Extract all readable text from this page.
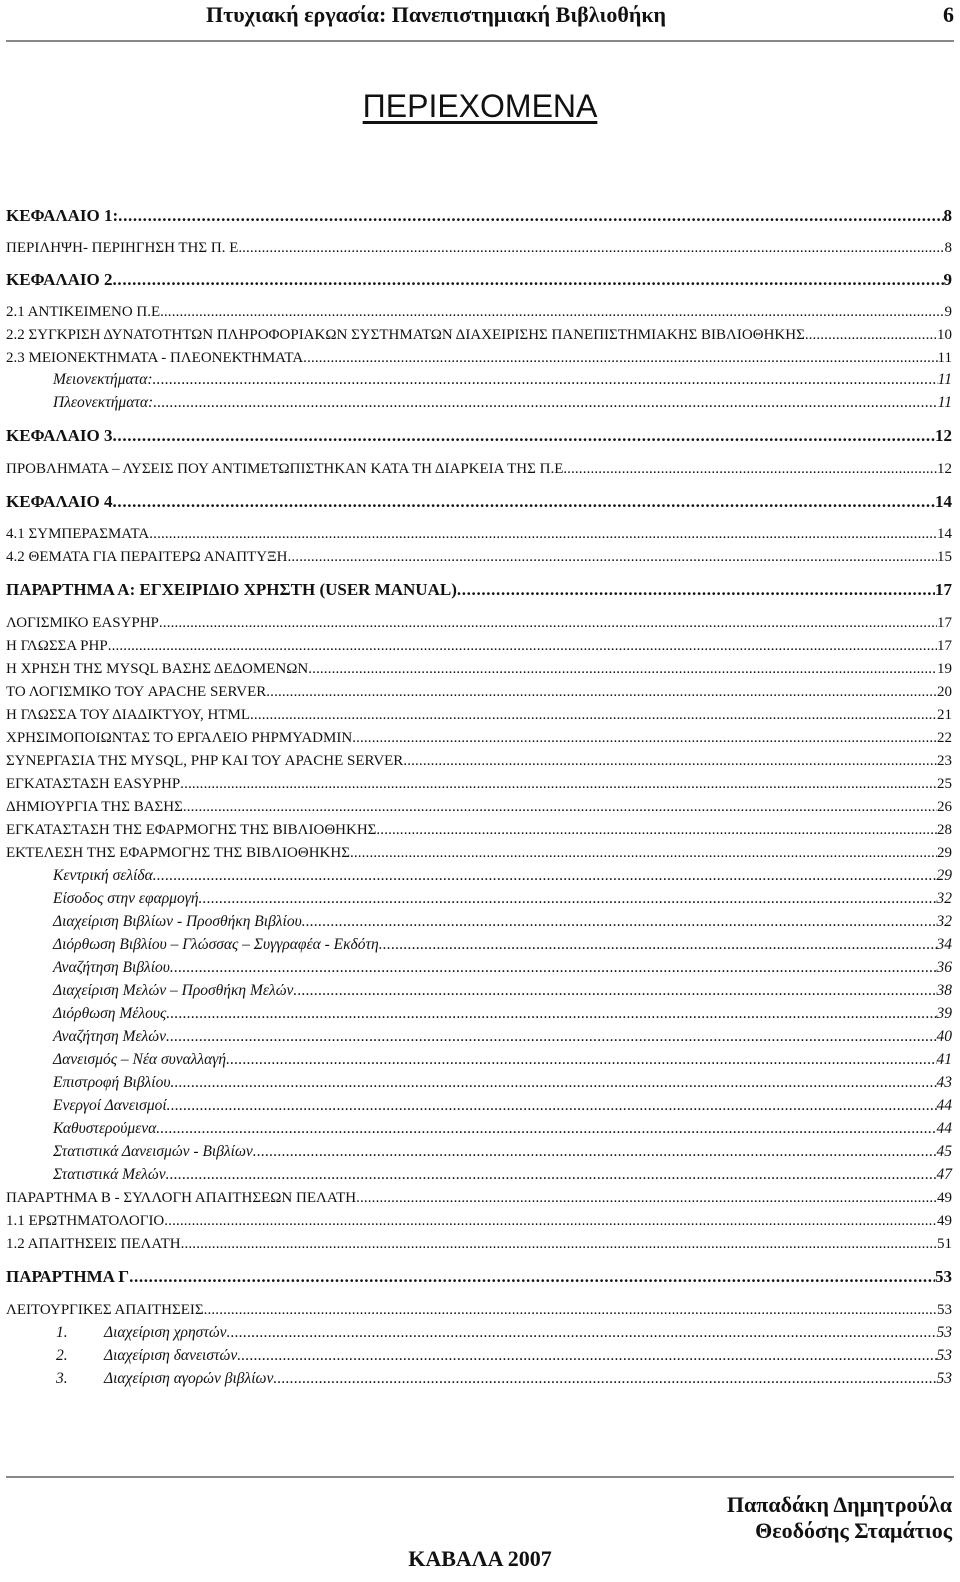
Πτυχιακή εργασία: Πανεπιστημιακή Βιβλιοθήκη	6
ΠΕΡΙΕΧΟΜΕΝΑ
ΚΕΦΑΛΑΙΟ 1: . . .	8
ΠΕΡΙΛΗΨΗ- ΠΕΡΙΗΓΗΣΗ ΤΗΣ Π. Ε. . . .	8
ΚΕΦΑΛΑΙΟ 2 . . .	9
2.1 ΑΝΤΙΚΕΙΜΕΝΟ Π.Ε. . . .	9
2.2 ΣΥΓΚΡΙΣΗ ΔΥΝΑΤΟΤΗΤΩΝ ΠΛΗΡΟΦΟΡΙΑΚΩΝ ΣΥΣΤΗΜΑΤΩΝ ΔΙΑΧΕΙΡΙΣΗΣ ΠΑΝΕΠΙΣΤΗΜΙΑΚΗΣ ΒΙΒΛΙΟΘΗΚΗΣ. . . .	10
2.3 ΜΕΙΟΝΕΚΤΗΜΑΤΑ - ΠΛΕΟΝΕΚΤΗΜΑΤΑ . . .	11
Μειονεκτήματα: . . .	11
Πλεονεκτήματα: . . .	11
ΚΕΦΑΛΑΙΟ 3 . . .	12
ΠΡΟΒΛΗΜΑΤΑ – ΛΥΣΕΙΣ ΠΟΥ ΑΝΤΙΜΕΤΩΠΙΣΤΗΚΑΝ ΚΑΤΑ ΤΗ ΔΙΑΡΚΕΙΑ ΤΗΣ Π.Ε. . . .	12
ΚΕΦΑΛΑΙΟ 4 . . .	14
4.1 ΣΥΜΠΕΡΑΣΜΑΤΑ . . .	14
4.2 ΘΕΜΑΤΑ ΓΙΑ ΠΕΡΑΙΤΕΡΩ ΑΝΑΠΤΥΞΗ . . .	15
ΠΑΡΑΡΤΗΜΑ Α: ΕΓΧΕΙΡΙΔΙΟ ΧΡΗΣΤΗ (USER MANUAL) . . .	17
ΛΟΓΙΣΜΙΚΟ EASYPHP . . .	17
Η ΓΛΩΣΣΑ PHP . . .	17
Η ΧΡΗΣΗ ΤΗΣ MYSQL ΒΑΣΗΣ ΔΕΔΟΜΕΝΩΝ . . .	19
ΤΟ ΛΟΓΙΣΜΙΚΟ ΤΟΥ APACHE SERVER . . .	20
Η ΓΛΩΣΣΑ ΤΟΥ ΔΙΑΔΙΚΤΥΟΥ, HTML . . .	21
ΧΡΗΣΙΜΟΠΟΙΩΝΤΑΣ ΤΟ ΕΡΓΑΛΕΙΟ PHPMYADMIN . . .	22
ΣΥΝΕΡΓΑΣΙΑ ΤΗΣ MYSQL, PHP ΚΑΙ ΤΟΥ APACHE SERVER . . .	23
ΕΓΚΑΤΑΣΤΑΣΗ EASYPHP . . .	25
ΔΗΜΙΟΥΡΓΙΑ ΤΗΣ ΒΑΣΗΣ . . .	26
ΕΓΚΑΤΑΣΤΑΣΗ ΤΗΣ ΕΦΑΡΜΟΓΗΣ ΤΗΣ ΒΙΒΛΙΟΘΗΚΗΣ . . .	28
ΕΚΤΕΛΕΣΗ ΤΗΣ ΕΦΑΡΜΟΓΗΣ ΤΗΣ ΒΙΒΛΙΟΘΗΚΗΣ . . .	29
Κεντρική σελίδα . . .	29
Είσοδος στην εφαρμογή . . .	32
Διαχείριση Βιβλίων - Προσθήκη Βιβλίου . . .	32
Διόρθωση Βιβλίου – Γλώσσας – Συγγραφέα - Εκδότη . . .	34
Αναζήτηση Βιβλίου . . .	36
Διαχείριση Μελών – Προσθήκη Μελών . . .	38
Διόρθωση Μέλους . . .	39
Αναζήτηση Μελών . . .	40
Δανεισμός – Νέα συναλλαγή . . .	41
Επιστροφή Βιβλίου . . .	43
Ενεργοί Δανεισμοί . . .	44
Καθυστερούμενα . . .	44
Στατιστικά Δανεισμών - Βιβλίων . . .	45
Στατιστικά Μελών . . .	47
ΠΑΡΑΡΤΗΜΑ Β - ΣΥΛΛΟΓΗ ΑΠΑΙΤΗΣΕΩΝ ΠΕΛΑΤΗ . . .	49
1.1 ΕΡΩΤΗΜΑΤΟΛΟΓΙΟ . . .	49
1.2 ΑΠΑΙΤΗΣΕΙΣ ΠΕΛΑΤΗ . . .	51
ΠΑΡΑΡΤΗΜΑ Γ . . .	53
ΛΕΙΤΟΥΡΓΙΚΕΣ ΑΠΑΙΤΗΣΕΙΣ . . .	53
1. Διαχείριση χρηστών . . .	53
2. Διαχείριση δανειστών . . .	53
3. Διαχείριση αγορών βιβλίων . . .	53
Παπαδάκη Δημητρούλα
Θεοδόσης Σταμάτιος
ΚΑΒΑΛΑ 2007
